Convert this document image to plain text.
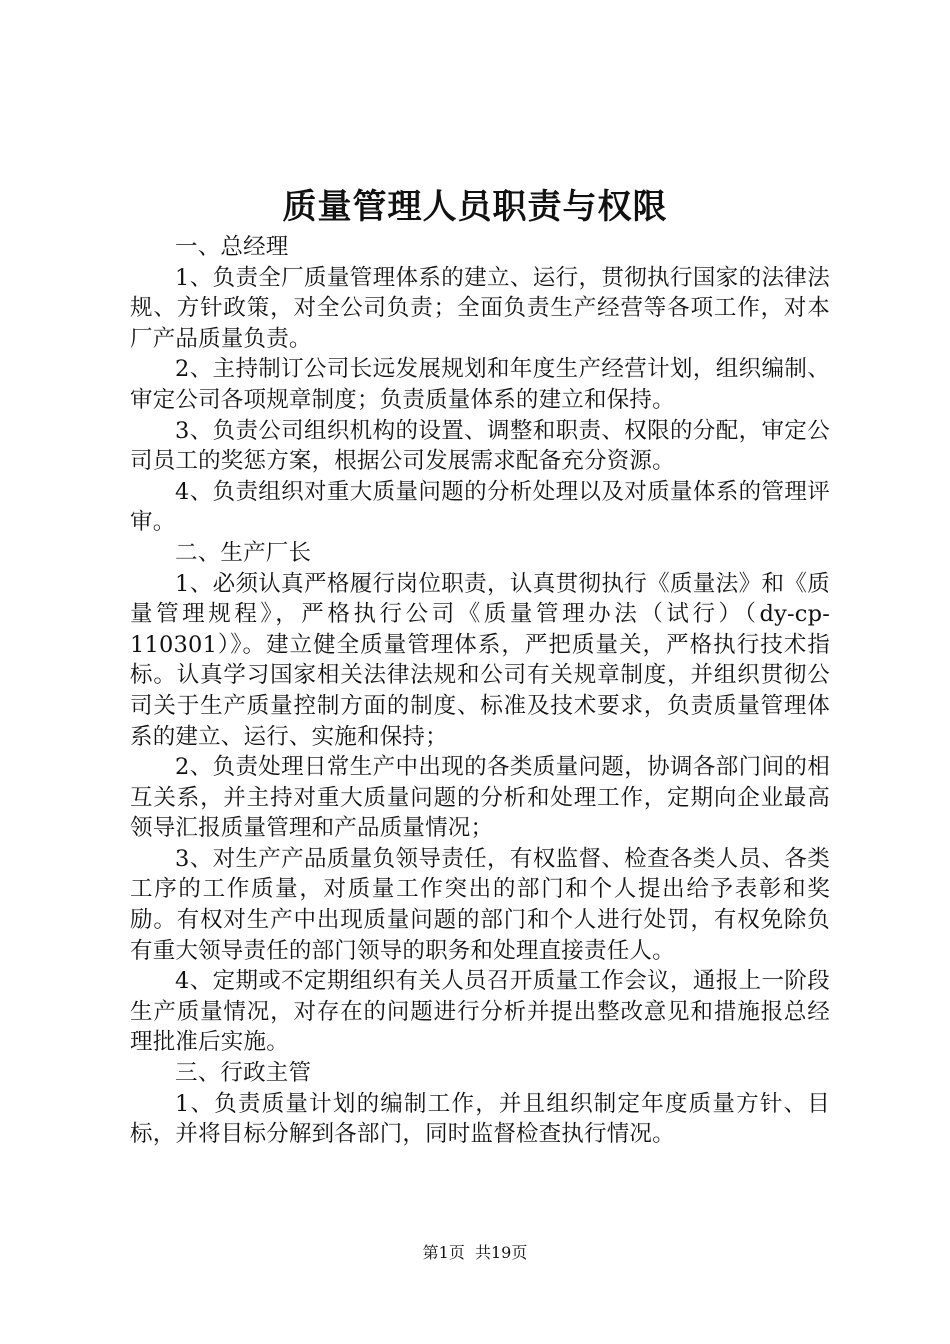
质量管理人员职责与权限

一、总经理

1、负责全厂质量管理体系的建立、运行，贯彻执行国家的法律法规、方针政策，对全公司负责；全面负责生产经营等各项工作，对本厂产品质量负责。

2、主持制订公司长远发展规划和年度生产经营计划，组织编制、审定公司各项规章制度；负责质量体系的建立和保持。

3、负责公司组织机构的设置、调整和职责、权限的分配，审定公司员工的奖惩方案，根据公司发展需求配备充分资源。

4、负责组织对重大质量问题的分析处理以及对质量体系的管理评审。

二、生产厂长

1、必须认真严格履行岗位职责，认真贯彻执行《质量法》和《质量管理规程》，严格执行公司《质量管理办法（试行）（dy-cp-110301）》。建立健全质量管理体系，严把质量关，严格执行技术指标。认真学习国家相关法律法规和公司有关规章制度，并组织贯彻公司关于生产质量控制方面的制度、标准及技术要求，负责质量管理体系的建立、运行、实施和保持；

2、负责处理日常生产中出现的各类质量问题，协调各部门间的相互关系，并主持对重大质量问题的分析和处理工作，定期向企业最高领导汇报质量管理和产品质量情况；

3、对生产产品质量负领导责任，有权监督、检查各类人员、各类工序的工作质量，对质量工作突出的部门和个人提出给予表彰和奖励。有权对生产中出现质量问题的部门和个人进行处罚，有权免除负有重大领导责任的部门领导的职务和处理直接责任人。

4、定期或不定期组织有关人员召开质量工作会议，通报上一阶段生产质量情况，对存在的问题进行分析并提出整改意见和措施报总经理批准后实施。

三、行政主管

1、负责质量计划的编制工作，并且组织制定年度质量方针、目标，并将目标分解到各部门，同时监督检查执行情况。

第1页  共19页
